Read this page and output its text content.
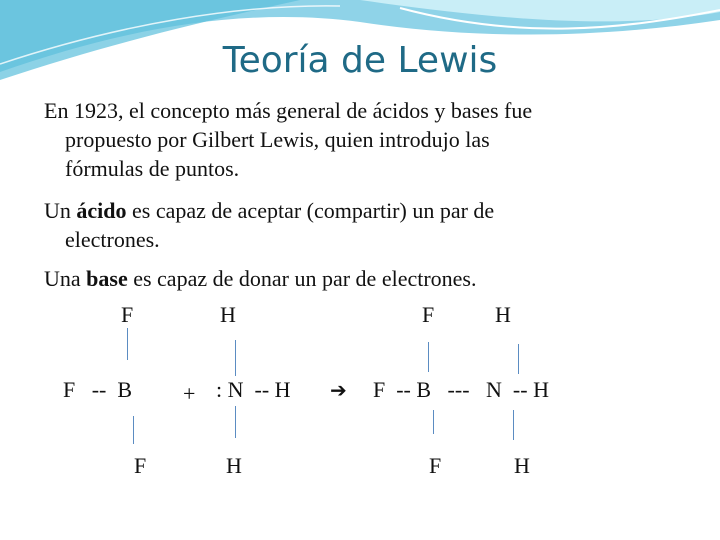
Teoría de Lewis
En 1923, el concepto más general de ácidos y bases fue
propuesto por Gilbert Lewis, quien introdujo las
fórmulas de puntos.
Un ácido es capaz de aceptar (compartir) un par de
electrones.
Una base es capaz de donar un par de electrones.
F	H	F	H
F   --  B + : N  -- H ➔ F  -- B   ---   N  -- H
F	H	F	H
